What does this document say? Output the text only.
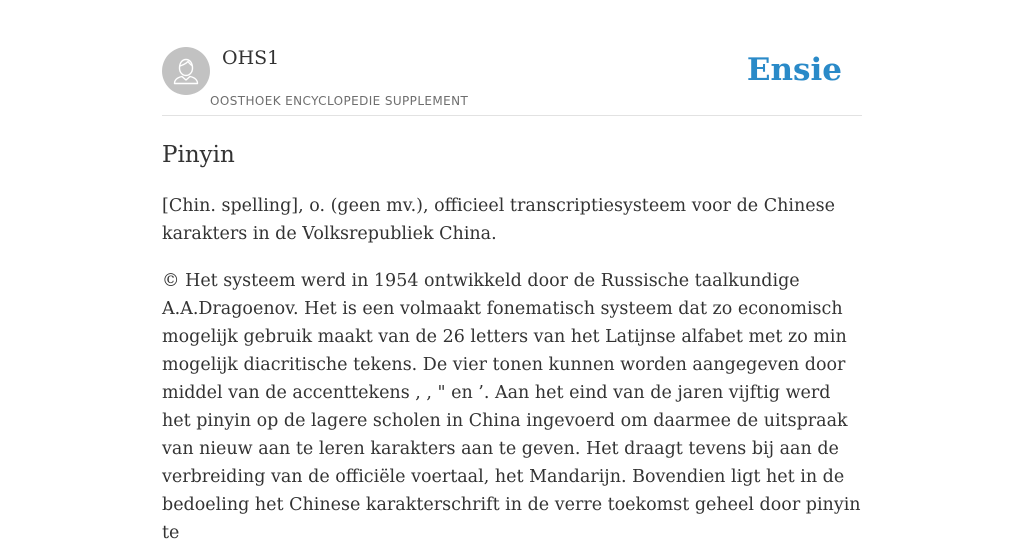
OHS1
OOSTHOEK ENCYCLOPEDIE SUPPLEMENT
Ensie
Pinyin

[Chin. spelling], o. (geen mv.), officieel transcriptiesysteem voor de Chinese karakters in de Volksrepubliek China.

© Het systeem werd in 1954 ontwikkeld door de Russische taalkundige A.A.Dragoenov. Het is een volmaakt fonematisch systeem dat zo economisch mogelijk gebruik maakt van de 26 letters van het Latijnse alfabet met zo min mogelijk diacritische tekens. De vier tonen kunnen worden aangegeven door middel van de accenttekens , , " en ’. Aan het eind van de jaren vijftig werd het pinyin op de lagere scholen in China ingevoerd om daarmee de uitspraak van nieuw aan te leren karakters aan te geven. Het draagt tevens bij aan de verbreiding van de officiële voertaal, het Mandarijn. Bovendien ligt het in de bedoeling het Chinese karakterschrift in de verre toekomst geheel door pinyin te
